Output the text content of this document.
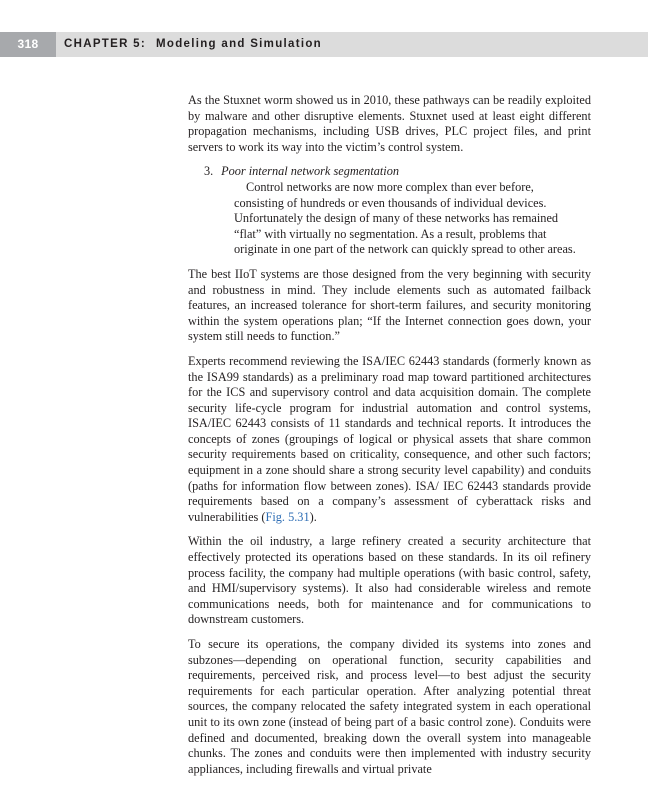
318	CHAPTER 5: Modeling and Simulation

As the Stuxnet worm showed us in 2010, these pathways can be readily exploited by malware and other disruptive elements. Stuxnet used at least eight different propagation mechanisms, including USB drives, PLC project files, and print servers to work its way into the victim’s control system.

3. Poor internal network segmentation
Control networks are now more complex than ever before,
consisting of hundreds or even thousands of individual devices.
Unfortunately the design of many of these networks has remained
“flat” with virtually no segmentation. As a result, problems that
originate in one part of the network can quickly spread to other areas.

The best IIoT systems are those designed from the very beginning with security and robustness in mind. They include elements such as automated failback features, an increased tolerance for short-term failures, and security monitoring within the system operations plan; “If the Internet connection goes down, your system still needs to function.”

Experts recommend reviewing the ISA/IEC 62443 standards (formerly known as the ISA99 standards) as a preliminary road map toward partitioned architectures for the ICS and supervisory control and data acquisition domain. The complete security life-cycle program for industrial automation and control systems, ISA/IEC 62443 consists of 11 standards and technical reports. It introduces the concepts of zones (groupings of logical or physical assets that share common security requirements based on criticality, consequence, and other such factors; equipment in a zone should share a strong security level capability) and conduits (paths for information flow between zones). ISA/ IEC 62443 standards provide requirements based on a company’s assessment of cyberattack risks and vulnerabilities (Fig. 5.31).

Within the oil industry, a large refinery created a security architecture that effectively protected its operations based on these standards. In its oil refinery process facility, the company had multiple operations (with basic control, safety, and HMI/supervisory systems). It also had considerable wireless and remote communications needs, both for maintenance and for communications to downstream customers.

To secure its operations, the company divided its systems into zones and subzones—depending on operational function, security capabilities and requirements, perceived risk, and process level—to best adjust the security requirements for each particular operation. After analyzing potential threat sources, the company relocated the safety integrated system in each operational unit to its own zone (instead of being part of a basic control zone). Conduits were defined and documented, breaking down the overall system into manageable chunks. The zones and conduits were then implemented with industry security appliances, including firewalls and virtual private
